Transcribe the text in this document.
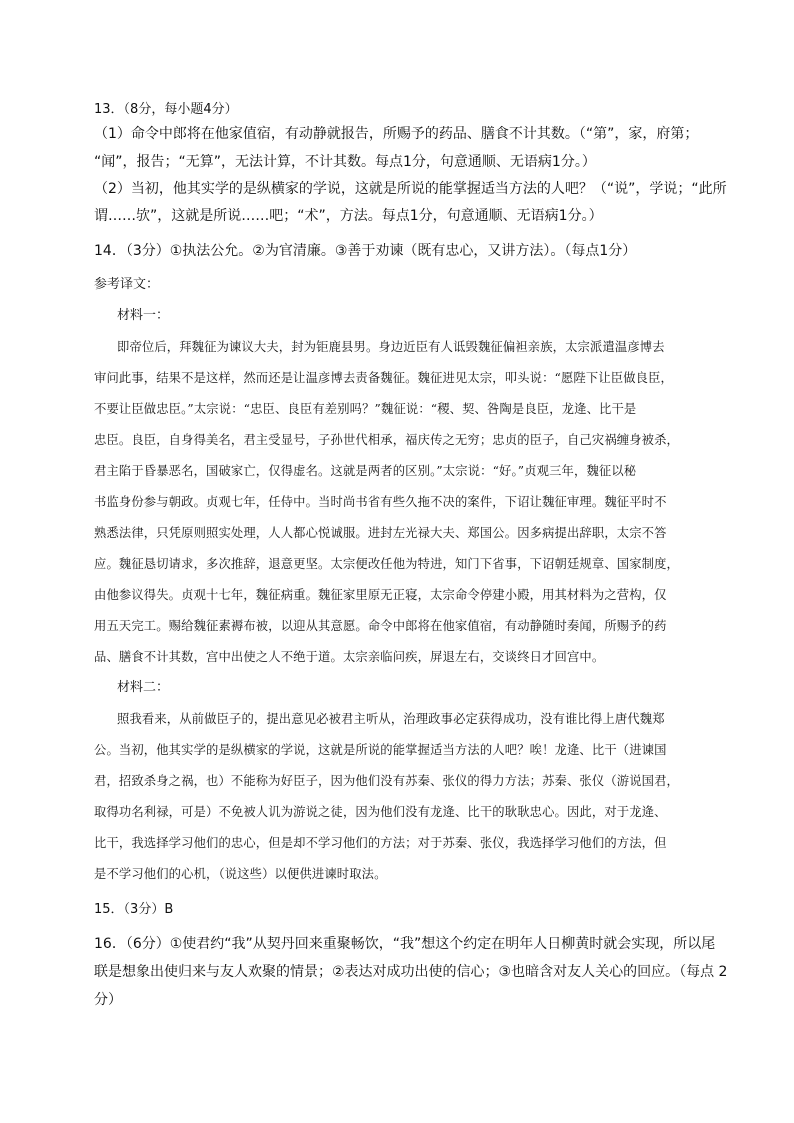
13．（8分，每小题4分）
（1）命令中郎将在他家值宿，有动静就报告，所赐予的药品、膳食不计其数。（“第”，家，府第；
“闻”，报告；“无算”，无法计算，不计其数。每点1分，句意通顺、无语病1分。）
（2）当初，他其实学的是纵横家的学说，这就是所说的能掌握适当方法的人吧？（“说”，学说；“此所
谓……欤”，这就是所说……吧；“术”，方法。每点1分，句意通顺、无语病1分。）
14．（3分）①执法公允。②为官清廉。③善于劝谏（既有忠心，又讲方法）。（每点1分）
参考译文：
材料一：
即帝位后，拜魏征为谏议大夫，封为钜鹿县男。身边近臣有人诋毁魏征偏袒亲族，太宗派遣温彦博去
审问此事，结果不是这样，然而还是让温彦博去责备魏征。魏征进见太宗，叩头说：“愿陛下让臣做良臣，
不要让臣做忠臣。”太宗说：“忠臣、良臣有差别吗？”魏征说：“稷、契、咎陶是良臣，龙逄、比干是
忠臣。良臣，自身得美名，君主受显号，子孙世代相承，福庆传之无穷；忠贞的臣子，自己灾祸缠身被杀，
君主陷于昏暴恶名，国破家亡，仅得虚名。这就是两者的区别。”太宗说：“好。”贞观三年，魏征以秘
书监身份参与朝政。贞观七年，任侍中。当时尚书省有些久拖不决的案件，下诏让魏征审理。魏征平时不
熟悉法律，只凭原则照实处理，人人都心悦诚服。进封左光禄大夫、郑国公。因多病提出辞职，太宗不答
应。魏征恳切请求，多次推辞，退意更坚。太宗便改任他为特进，知门下省事，下诏朝廷规章、国家制度，
由他参议得失。贞观十七年，魏征病重。魏征家里原无正寝，太宗命令停建小殿，用其材料为之营构，仅
用五天完工。赐给魏征素褥布被，以迎从其意愿。命令中郎将在他家值宿，有动静随时奏闻，所赐予的药
品、膳食不计其数，宫中出使之人不绝于道。太宗亲临问疾，屏退左右，交谈终日才回宫中。
材料二：
照我看来，从前做臣子的，提出意见必被君主听从，治理政事必定获得成功，没有谁比得上唐代魏郑
公。当初，他其实学的是纵横家的学说，这就是所说的能掌握适当方法的人吧？唉！龙逄、比干（进谏国
君，招致杀身之祸，也）不能称为好臣子，因为他们没有苏秦、张仪的得力方法；苏秦、张仪（游说国君，
取得功名利禄，可是）不免被人讥为游说之徒，因为他们没有龙逄、比干的耿耿忠心。因此，对于龙逄、
比干，我选择学习他们的忠心，但是却不学习他们的方法；对于苏秦、张仪，我选择学习他们的方法，但
是不学习他们的心机，（说这些）以便供进谏时取法。
15．（3分）B
16．（6分）①使君约“我”从契丹回来重聚畅饮，“我”想这个约定在明年人日柳黄时就会实现，所以尾
联是想象出使归来与友人欢聚的情景；②表达对成功出使的信心；③也暗含对友人关心的回应。（每点 2
分）
